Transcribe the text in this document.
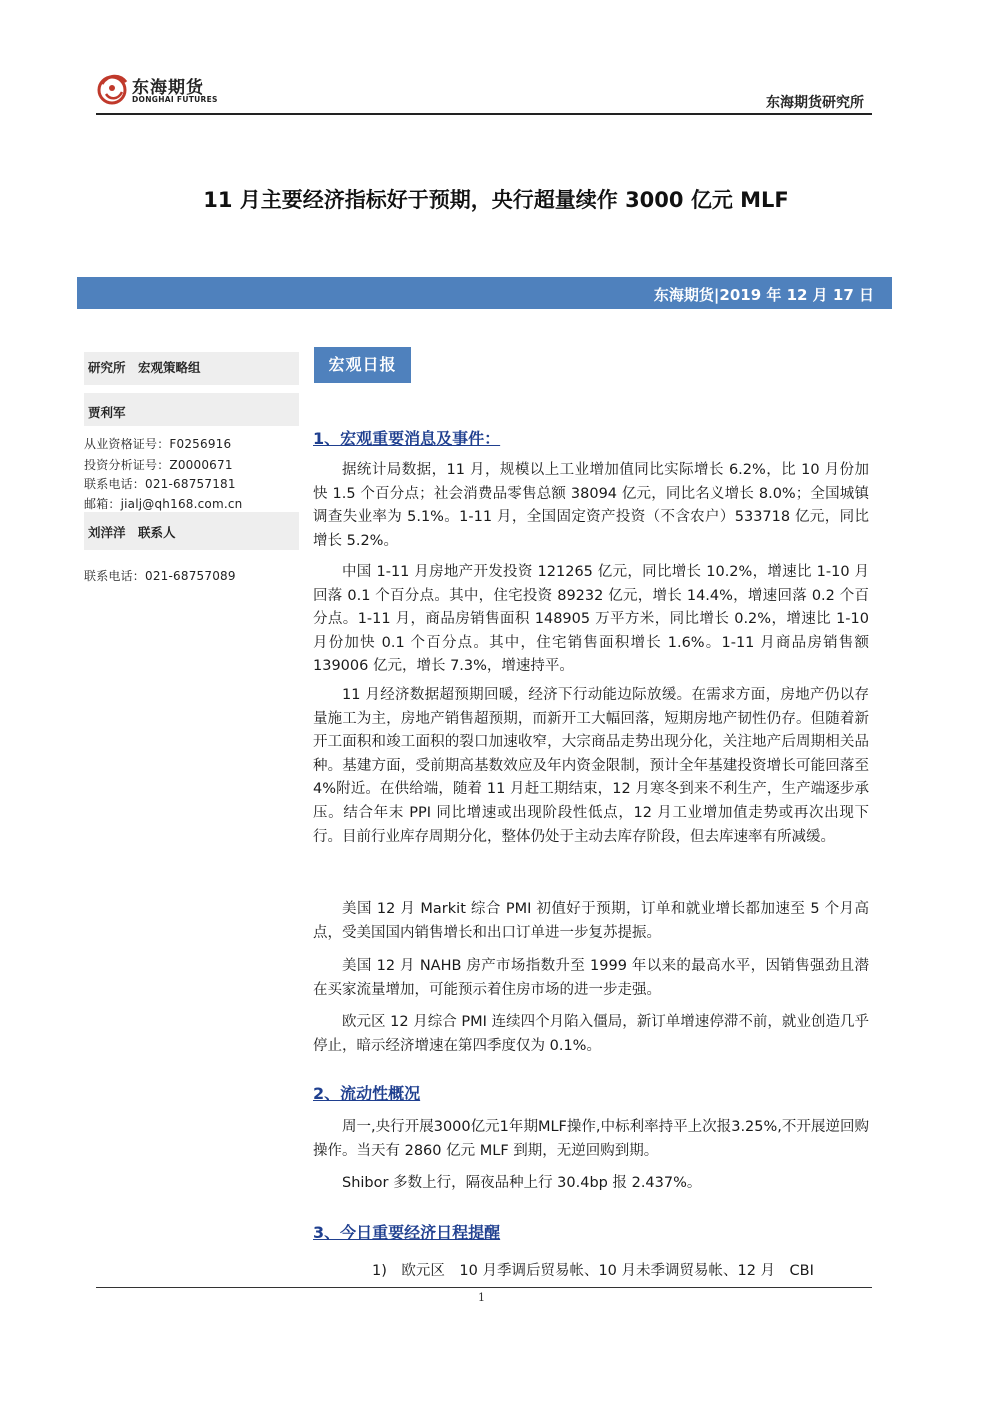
东海期货
DONGHAI FUTURES	东海期货研究所
11 月主要经济指标好于预期，央行超量续作 3000 亿元 MLF
东海期货|2019 年 12 月 17 日
研究所　宏观策略组
贾利军
从业资格证号：F0256916
投资分析证号：Z0000671
联系电话：021-68757181
邮箱：jialj@qh168.com.cn
刘洋洋　联系人
联系电话：021-68757089
宏观日报
1、宏观重要消息及事件：
据统计局数据，11 月，规模以上工业增加值同比实际增长 6.2%，比 10 月份加快 1.5 个百分点；社会消费品零售总额 38094 亿元，同比名义增长 8.0%；全国城镇调查失业率为 5.1%。1-11 月，全国固定资产投资（不含农户）533718 亿元，同比增长 5.2%。
中国 1-11 月房地产开发投资 121265 亿元，同比增长 10.2%，增速比 1-10 月回落 0.1 个百分点。其中，住宅投资 89232 亿元，增长 14.4%，增速回落 0.2 个百分点。1-11 月，商品房销售面积 148905 万平方米，同比增长 0.2%，增速比 1-10 月份加快 0.1 个百分点。其中，住宅销售面积增长 1.6%。1-11 月商品房销售额 139006 亿元，增长 7.3%，增速持平。
11 月经济数据超预期回暖，经济下行动能边际放缓。在需求方面，房地产仍以存量施工为主，房地产销售超预期，而新开工大幅回落，短期房地产韧性仍存。但随着新开工面积和竣工面积的裂口加速收窄，大宗商品走势出现分化，关注地产后周期相关品种。基建方面，受前期高基数效应及年内资金限制，预计全年基建投资增长可能回落至 4%附近。在供给端，随着 11 月赶工期结束，12 月寒冬到来不利生产，生产端逐步承压。结合年末 PPI 同比增速或出现阶段性低点，12 月工业增加值走势或再次出现下行。目前行业库存周期分化，整体仍处于主动去库存阶段，但去库速率有所减缓。
美国 12 月 Markit 综合 PMI 初值好于预期，订单和就业增长都加速至 5 个月高点，受美国国内销售增长和出口订单进一步复苏提振。
美国 12 月 NAHB 房产市场指数升至 1999 年以来的最高水平，因销售强劲且潜在买家流量增加，可能预示着住房市场的进一步走强。
欧元区 12 月综合 PMI 连续四个月陷入僵局，新订单增速停滞不前，就业创造几乎停止，暗示经济增速在第四季度仅为 0.1%。
2、流动性概况
周一,央行开展3000亿元1年期MLF操作,中标利率持平上次报3.25%,不开展逆回购操作。当天有 2860 亿元 MLF 到期，无逆回购到期。
Shibor 多数上行，隔夜品种上行 30.4bp 报 2.437%。
3、今日重要经济日程提醒
1)　欧元区　10 月季调后贸易帐、10 月未季调贸易帐、12 月　CBI
1
